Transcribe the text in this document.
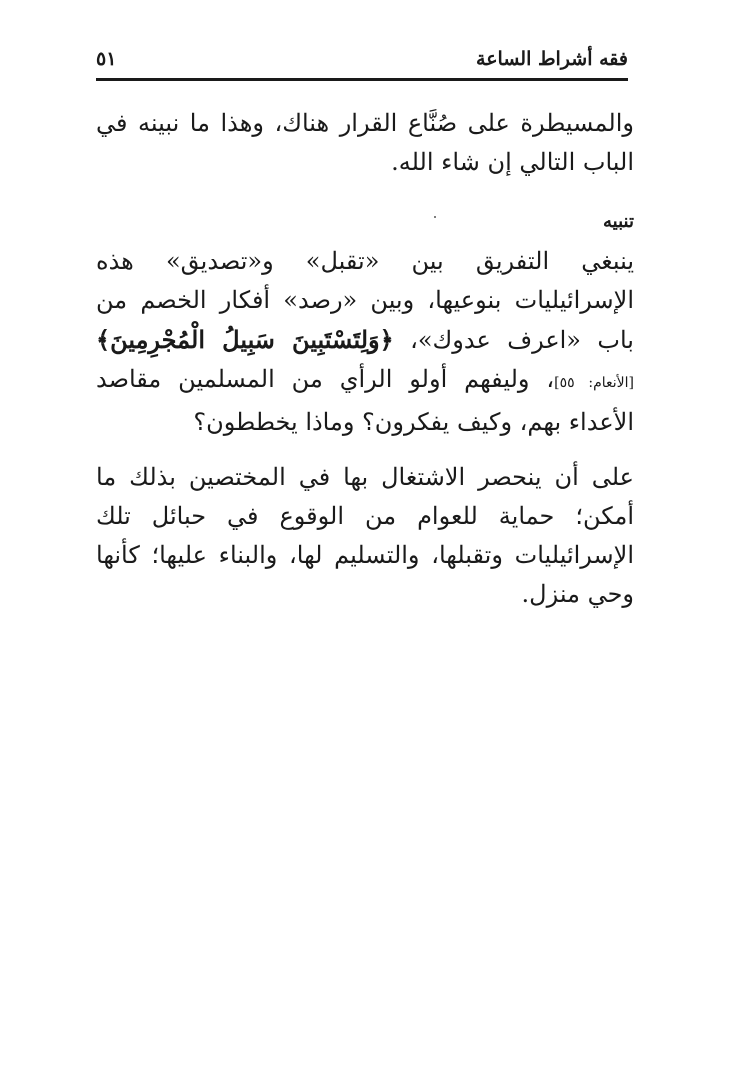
فقه أشراط الساعة
٥١

والمسيطرة على صُنَّاع القرار هناك، وهذا ما نبينه في الباب التالي إن شاء الله.

تنبيه

ينبغي التفريق بين «تقبل» و«تصديق» هذه الإسرائيليات بنوعيها، وبين «رصد» أفكار الخصم من باب «اعرف عدوك»، ﴿وَلِتَسْتَبِينَ سَبِيلُ الْمُجْرِمِينَ﴾ [الأنعام: ٥٥]، وليفهم أولو الرأي من المسلمين مقاصد الأعداء بهم، وكيف يفكرون؟ وماذا يخططون؟

على أن ينحصر الاشتغال بها في المختصين بذلك ما أمكن؛ حماية للعوام من الوقوع في حبائل تلك الإسرائيليات وتقبلها، والتسليم لها، والبناء عليها؛ كأنها وحي منزل.
